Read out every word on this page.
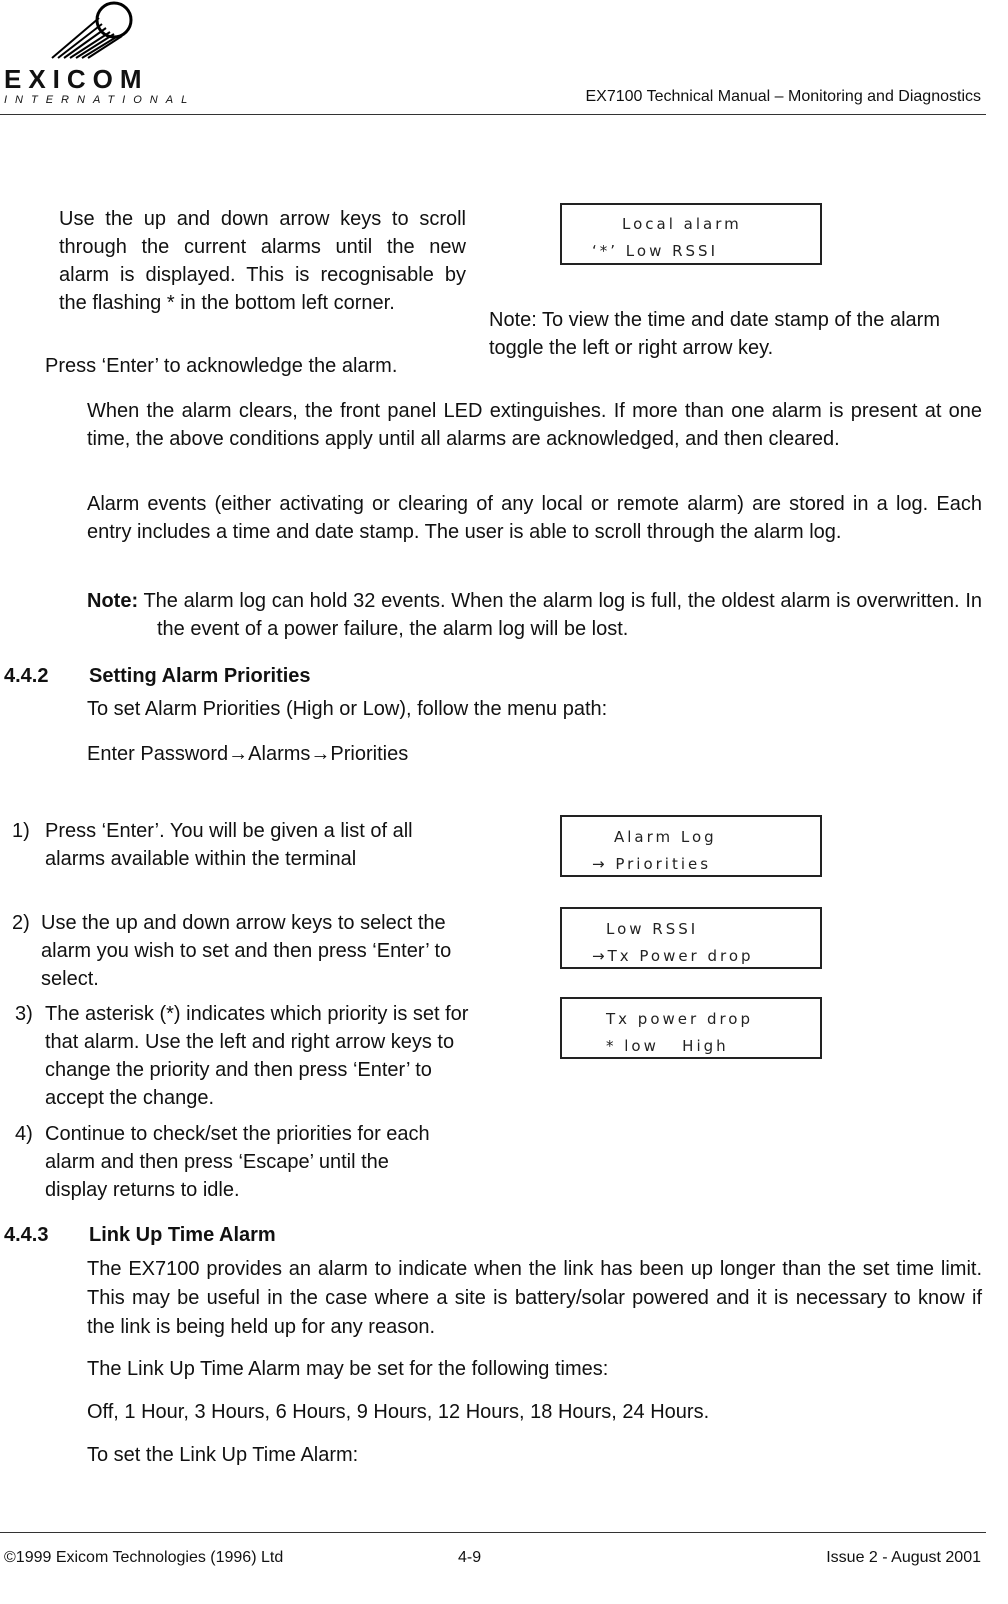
EXICOM
INTERNATIONAL	EX7100 Technical Manual – Monitoring and Diagnostics
Use the up and down arrow keys to scroll through the current alarms until the new alarm is displayed. This is recognisable by the flashing * in the bottom left corner.
Press ‘Enter’ to acknowledge the alarm.
Local alarm
‘*’ Low RSSI
Note: To view the time and date stamp of the alarm toggle the left or right arrow key.
When the alarm clears, the front panel LED extinguishes. If more than one alarm is present at one time, the above conditions apply until all alarms are acknowledged, and then cleared.
Alarm events (either activating or clearing of any local or remote alarm) are stored in a log. Each entry includes a time and date stamp. The user is able to scroll through the alarm log.
Note: The alarm log can hold 32 events. When the alarm log is full, the oldest alarm is overwritten. In the event of a power failure, the alarm log will be lost.
4.4.2 Setting Alarm Priorities
To set Alarm Priorities (High or Low), follow the menu path:
Enter Password→Alarms→Priorities
1) Press ‘Enter’. You will be given a list of all alarms available within the terminal
2) Use the up and down arrow keys to select the alarm you wish to set and then press ‘Enter’ to select.
3) The asterisk (*) indicates which priority is set for that alarm. Use the left and right arrow keys to change the priority and then press ‘Enter’ to accept the change.
4) Continue to check/set the priorities for each alarm and then press ‘Escape’ until the display returns to idle.
Alarm Log
→ Priorities
Low RSSI
→Tx Power drop
Tx power drop
* low   High
4.4.3 Link Up Time Alarm
The EX7100 provides an alarm to indicate when the link has been up longer than the set time limit. This may be useful in the case where a site is battery/solar powered and it is necessary to know if the link is being held up for any reason.
The Link Up Time Alarm may be set for the following times:
Off, 1 Hour, 3 Hours, 6 Hours, 9 Hours, 12 Hours, 18 Hours, 24 Hours.
To set the Link Up Time Alarm:
©1999 Exicom Technologies (1996) Ltd	4-9	Issue 2 - August 2001
